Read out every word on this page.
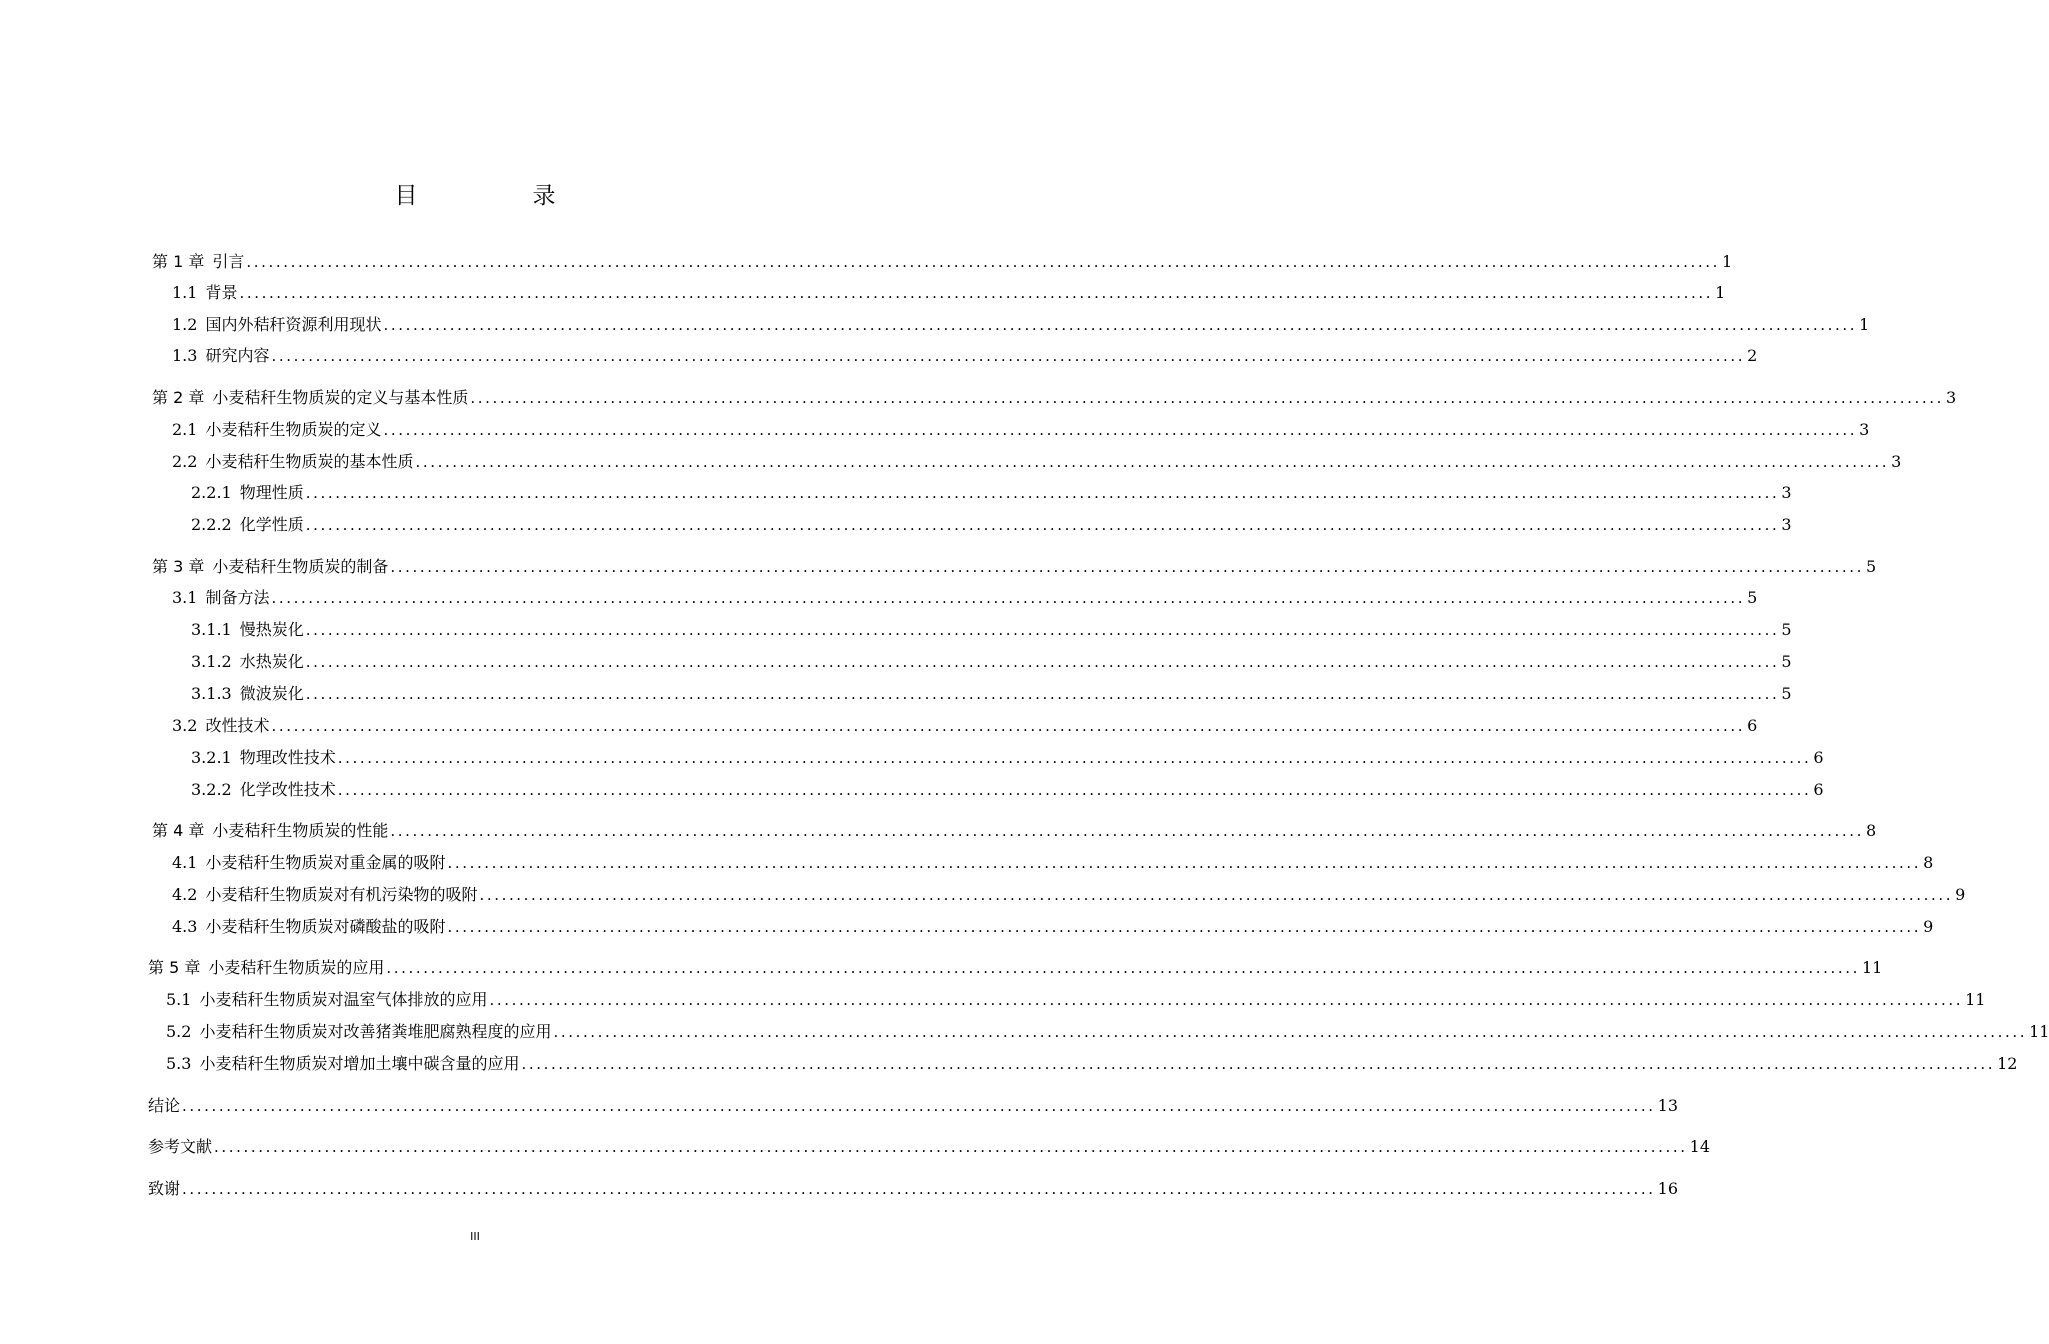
目　录
第 1 章 引言 ........................................................................................................................................................................................................ 1
1.1 背景 ........................................................................................................................................................................................................ 1
1.2 国内外秸秆资源利用现状 ........................................................................................................................................................................................................ 1
1.3 研究内容 ........................................................................................................................................................................................................ 2
第 2 章 小麦秸秆生物质炭的定义与基本性质 ........................................................................................................................................................................................................ 3
2.1 小麦秸秆生物质炭的定义 ........................................................................................................................................................................................................ 3
2.2 小麦秸秆生物质炭的基本性质 ........................................................................................................................................................................................................ 3
2.2.1 物理性质 ........................................................................................................................................................................................................ 3
2.2.2 化学性质 ........................................................................................................................................................................................................ 3
第 3 章 小麦秸秆生物质炭的制备 ........................................................................................................................................................................................................ 5
3.1 制备方法 ........................................................................................................................................................................................................ 5
3.1.1 慢热炭化 ........................................................................................................................................................................................................ 5
3.1.2 水热炭化 ........................................................................................................................................................................................................ 5
3.1.3 微波炭化 ........................................................................................................................................................................................................ 5
3.2 改性技术 ........................................................................................................................................................................................................ 6
3.2.1 物理改性技术 ........................................................................................................................................................................................................ 6
3.2.2 化学改性技术 ........................................................................................................................................................................................................ 6
第 4 章 小麦秸秆生物质炭的性能 ........................................................................................................................................................................................................ 8
4.1 小麦秸秆生物质炭对重金属的吸附 ........................................................................................................................................................................................................ 8
4.2 小麦秸秆生物质炭对有机污染物的吸附 ........................................................................................................................................................................................................ 9
4.3 小麦秸秆生物质炭对磷酸盐的吸附 ........................................................................................................................................................................................................ 9
第 5 章 小麦秸秆生物质炭的应用 ........................................................................................................................................................................................................ 11
5.1 小麦秸秆生物质炭对温室气体排放的应用 ........................................................................................................................................................................................................ 11
5.2 小麦秸秆生物质炭对改善猪粪堆肥腐熟程度的应用 ........................................................................................................................................................................................................ 11
5.3 小麦秸秆生物质炭对增加土壤中碳含量的应用 ........................................................................................................................................................................................................ 12
结论 ........................................................................................................................................................................................................ 13
参考文献 ........................................................................................................................................................................................................ 14
致谢 ........................................................................................................................................................................................................ 16
III
